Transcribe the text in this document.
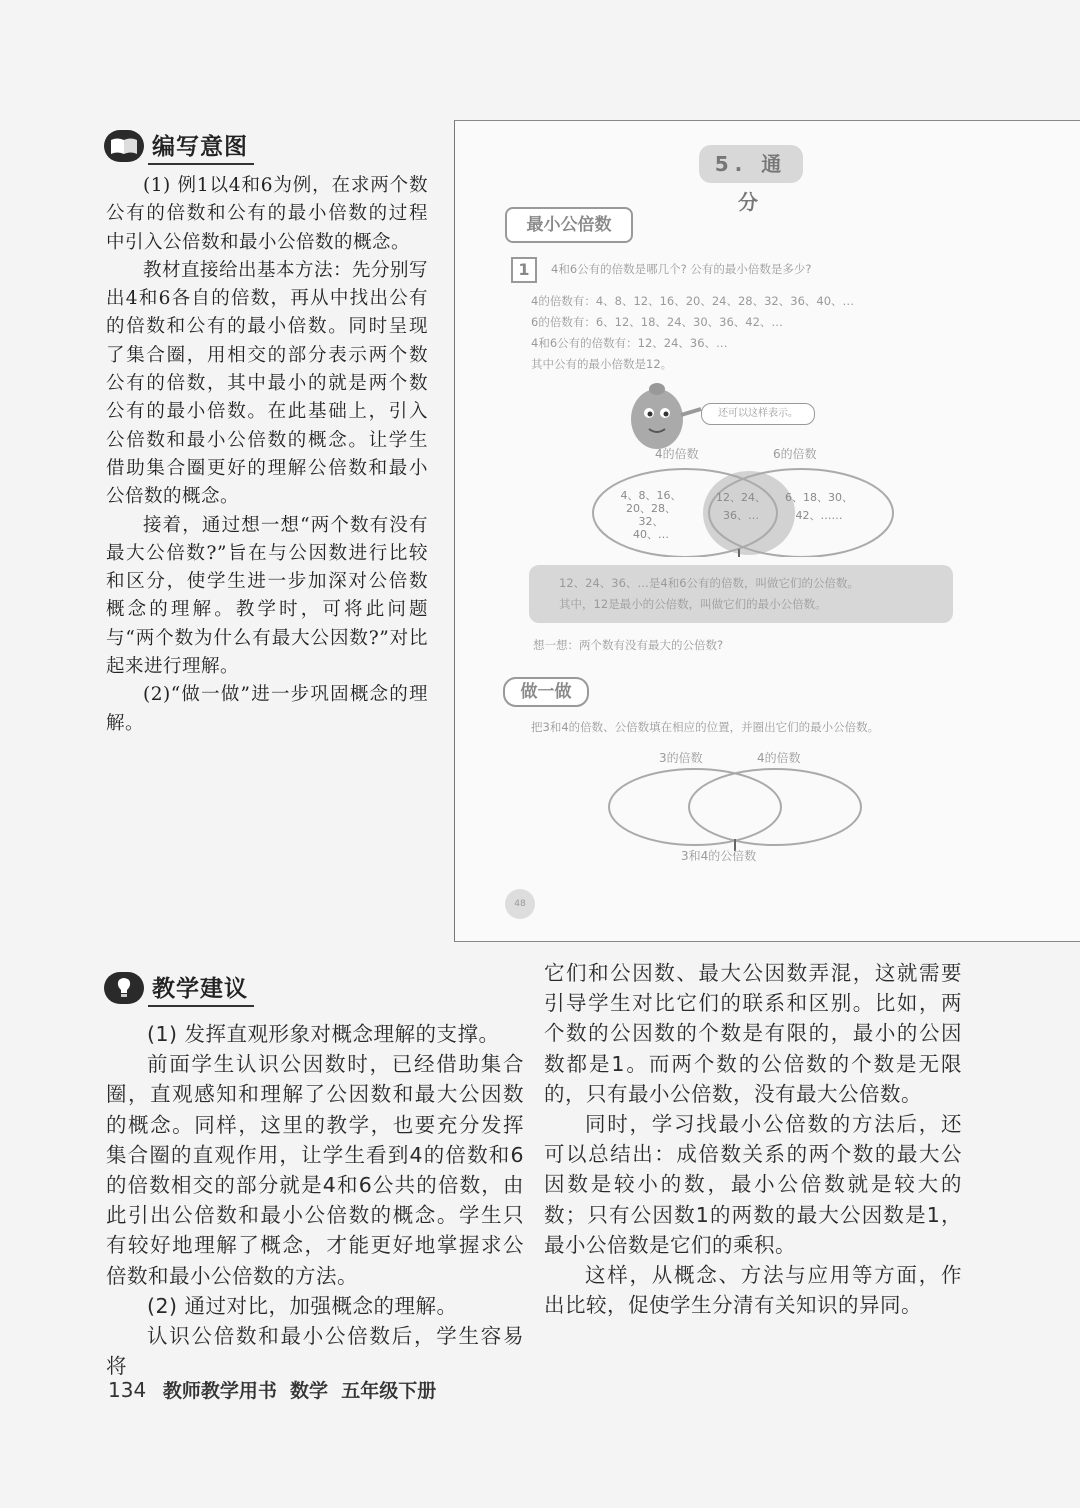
编写意图

(1) 例1以4和6为例，在求两个数公有的倍数和公有的最小倍数的过程中引入公倍数和最小公倍数的概念。

教材直接给出基本方法：先分别写出4和6各自的倍数，再从中找出公有的倍数和公有的最小倍数。同时呈现了集合圈，用相交的部分表示两个数公有的倍数，其中最小的就是两个数公有的最小倍数。在此基础上，引入公倍数和最小公倍数的概念。让学生借助集合圈更好的理解公倍数和最小公倍数的概念。

接着，通过想一想“两个数有没有最大公倍数?”旨在与公因数进行比较和区分，使学生进一步加深对公倍数概念的理解。教学时，可将此问题与“两个数为什么有最大公因数?”对比起来进行理解。

(2)“做一做”进一步巩固概念的理解。

5. 通 分
最小公倍数
1	4和6公有的倍数是哪几个? 公有的最小倍数是多少?
4的倍数有：4、8、12、16、20、24、28、32、36、40、…
6的倍数有：6、12、18、24、30、36、42、…
4和6公有的倍数有：12、24、36、…
其中公有的最小倍数是12。
还可以这样表示。
4的倍数	6的倍数
4、8、16、
20、28、32、
40、…
12、24、
36、…
6、18、30、
42、……
12、24、36、…是4和6公有的倍数，叫做它们的公倍数。
其中，12是最小的公倍数，叫做它们的最小公倍数。
想一想：两个数有没有最大的公倍数?
做一做
把3和4的倍数、公倍数填在相应的位置，并圈出它们的最小公倍数。
3的倍数	4的倍数
3和4的公倍数
48
教学建议

(1) 发挥直观形象对概念理解的支撑。

前面学生认识公因数时，已经借助集合圈，直观感知和理解了公因数和最大公因数的概念。同样，这里的教学，也要充分发挥集合圈的直观作用，让学生看到4的倍数和6的倍数相交的部分就是4和6公共的倍数，由此引出公倍数和最小公倍数的概念。学生只有较好地理解了概念，才能更好地掌握求公倍数和最小公倍数的方法。

(2) 通过对比，加强概念的理解。

认识公倍数和最小公倍数后，学生容易将

它们和公因数、最大公因数弄混，这就需要引导学生对比它们的联系和区别。比如，两个数的公因数的个数是有限的，最小的公因数都是1。而两个数的公倍数的个数是无限的，只有最小公倍数，没有最大公倍数。

同时，学习找最小公倍数的方法后，还可以总结出：成倍数关系的两个数的最大公因数是较小的数，最小公倍数就是较大的数；只有公因数1的两数的最大公因数是1，最小公倍数是它们的乘积。

这样，从概念、方法与应用等方面，作出比较，促使学生分清有关知识的异同。

134 教师教学用书  数学  五年级下册
